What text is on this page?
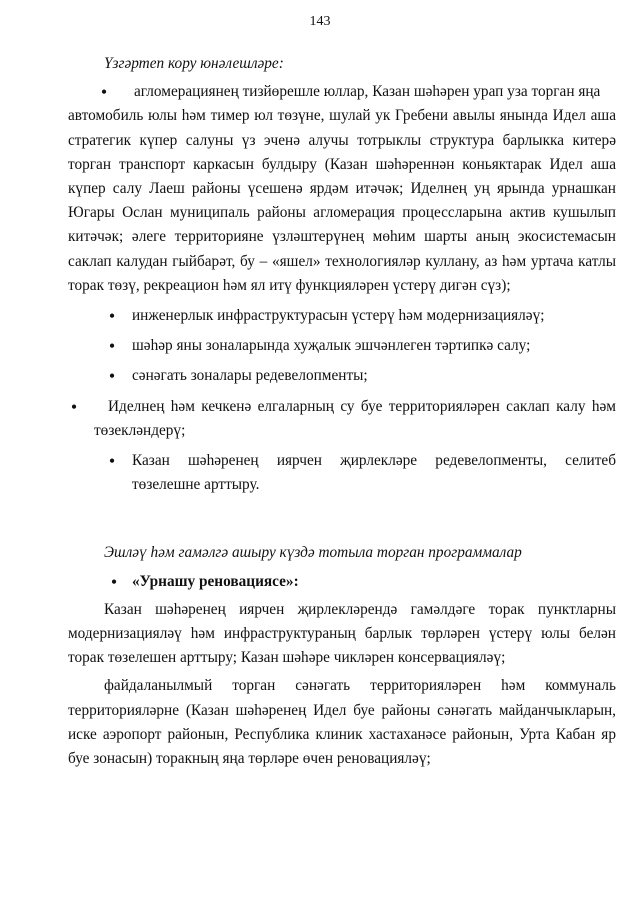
143

Үзгәртеп кору юнәлешләре:

• агломерациянең тизйөрешле юллар, Казан шәһәрен урап уза торган яңа

автомобиль юлы һәм тимер юл төзүне, шулай ук Гребени авылы янында Идел аша стратегик күпер салуны үз эченә алучы тотрыклы структура барлыкка китерә торган транспорт каркасын булдыру (Казан шәһәреннән коньяктарак Идел аша күпер салу Лаеш районы үсешенә ярдәм итәчәк; Иделнең уң ярында урнашкан Югары Ослан муниципаль районы агломерация процессларына актив кушылып китәчәк; әлеге территорияне үзләштерүнең мөһим шарты аның экосистемасын саклап калудан гыйбарәт, бу – «яшел» технологияләр куллану, аз һәм уртача катлы торак төзү, рекреацион һәм ял итү функцияләрен үстерү дигән сүз);

• инженерлык инфраструктурасын үстерү һәм модернизацияләү;
• шәһәр яны зоналарында хуҗалык эшчәнлеген тәртипкә салу;
• сәнәгать зоналары редевелопменты;
•	Иделнең һәм кечкенә елгаларның су буе территорияләрен саклап калу һәм төзекләндерү;
• Казан шәһәренең иярчен җирлекләре редевелопменты, селитеб төзелешне арттыру.

Эшләү һәм гамәлгә ашыру күздә тотыла торган программалар

• «Урнашу реновациясе»:

Казан шәһәренең иярчен җирлекләрендә гамәлдәге торак пунктларны модернизацияләү һәм инфраструктураның барлык төрләрен үстерү юлы белән торак төзелешен арттыру; Казан шәһәре чикләрен консервацияләү;

файдаланылмый торган сәнәгать территорияләрен һәм коммуналь территорияләрне (Казан шәһәренең Идел буе районы сәнәгать майданчыкларын, иске аэропорт районын, Республика клиник хастаханәсе районын, Урта Кабан яр буе зонасын) торакның яңа төрләре өчен реновацияләү;
